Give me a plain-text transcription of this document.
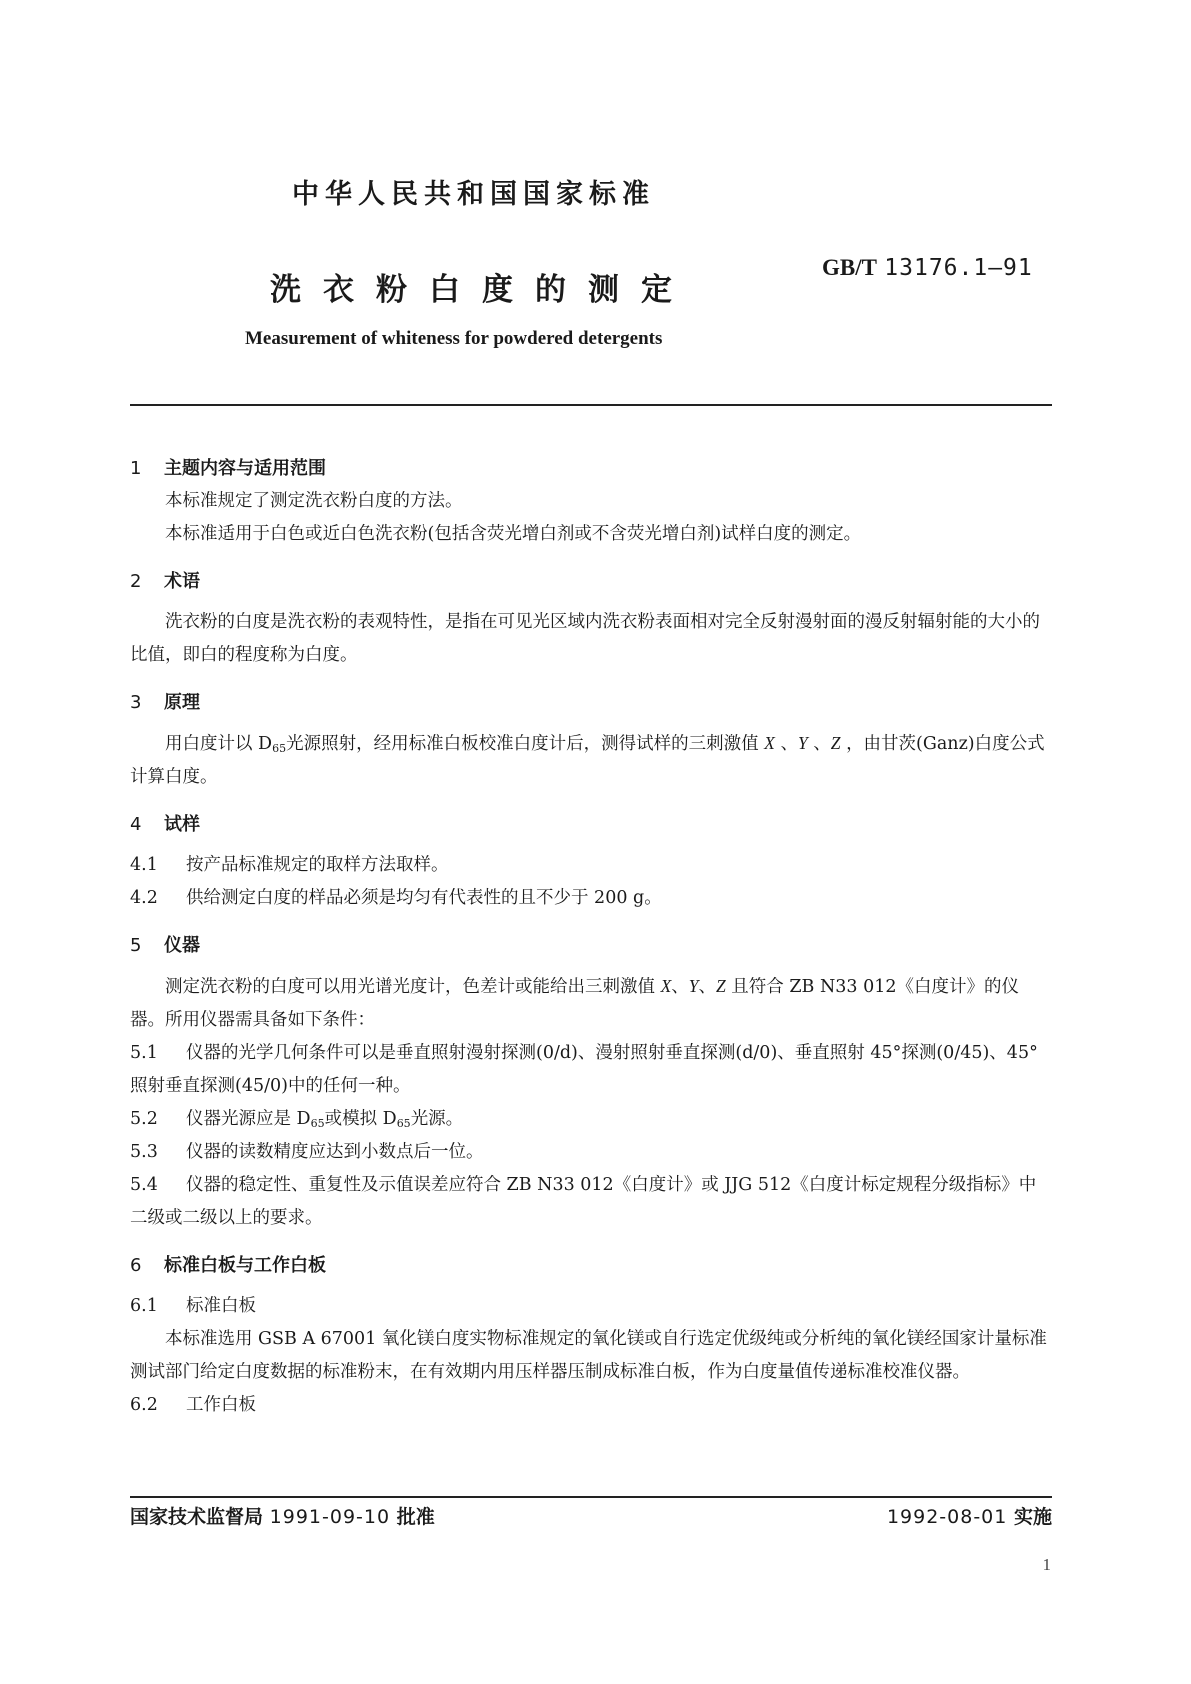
中华人民共和国国家标准
洗衣粉白度的测定
GB/T 13176.1—91
Measurement of whiteness for powdered detergents
1 主题内容与适用范围
本标准规定了测定洗衣粉白度的方法。
本标准适用于白色或近白色洗衣粉(包括含荧光增白剂或不含荧光增白剂)试样白度的测定。
2 术语
洗衣粉的白度是洗衣粉的表观特性，是指在可见光区域内洗衣粉表面相对完全反射漫射面的漫反射辐射能的大小的比值，即白的程度称为白度。
3 原理
用白度计以 $D_{65}$光源照射，经用标准白板校准白度计后，测得试样的三刺激值 X 、Y 、Z ，由甘茨(Ganz)白度公式计算白度。
4 试样
4.1 按产品标准规定的取样方法取样。
4.2 供给测定白度的样品必须是均匀有代表性的且不少于 200 g。
5 仪器
测定洗衣粉的白度可以用光谱光度计，色差计或能给出三刺激值 X、Y、Z 且符合 ZB N33 012《白度计》的仪器。所用仪器需具备如下条件：
5.1 仪器的光学几何条件可以是垂直照射漫射探测(0/d)、漫射照射垂直探测(d/0)、垂直照射 45°探测(0/45)、45°照射垂直探测(45/0)中的任何一种。
5.2 仪器光源应是 $D_{65}$或模拟 $D_{65}$光源。
5.3 仪器的读数精度应达到小数点后一位。
5.4 仪器的稳定性、重复性及示值误差应符合 ZB N33 012《白度计》或 JJG 512《白度计标定规程分级指标》中二级或二级以上的要求。
6 标准白板与工作白板
6.1 标准白板
本标准选用 GSB A 67001 氧化镁白度实物标准规定的氧化镁或自行选定优级纯或分析纯的氧化镁经国家计量标准测试部门给定白度数据的标准粉末，在有效期内用压样器压制成标准白板，作为白度量值传递标准校准仪器。
6.2 工作白板
国家技术监督局 1991-09-10 批准	1992-08-01 实施
1
